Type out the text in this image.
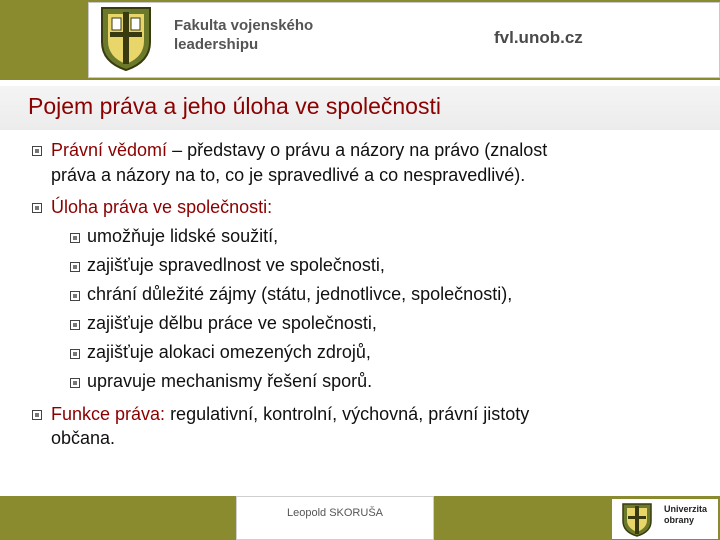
Fakulta vojenského leadershipu	fvl.unob.cz
Pojem práva a jeho úloha ve společnosti
Právní vědomí – představy o právu a názory na právo (znalost
práva a názory na to, co je spravedlivé a co nespravedlivé).
Úloha práva ve společnosti:
umožňuje lidské soužití,
zajišťuje spravedlnost ve společnosti,
chrání důležité zájmy (státu, jednotlivce, společnosti),
zajišťuje dělbu práce ve společnosti,
zajišťuje alokaci omezených zdrojů,
upravuje mechanismy řešení sporů.
Funkce práva: regulativní, kontrolní, výchovná, právní jistoty
občana.
Leopold SKORUŠA	Univerzita obrany
